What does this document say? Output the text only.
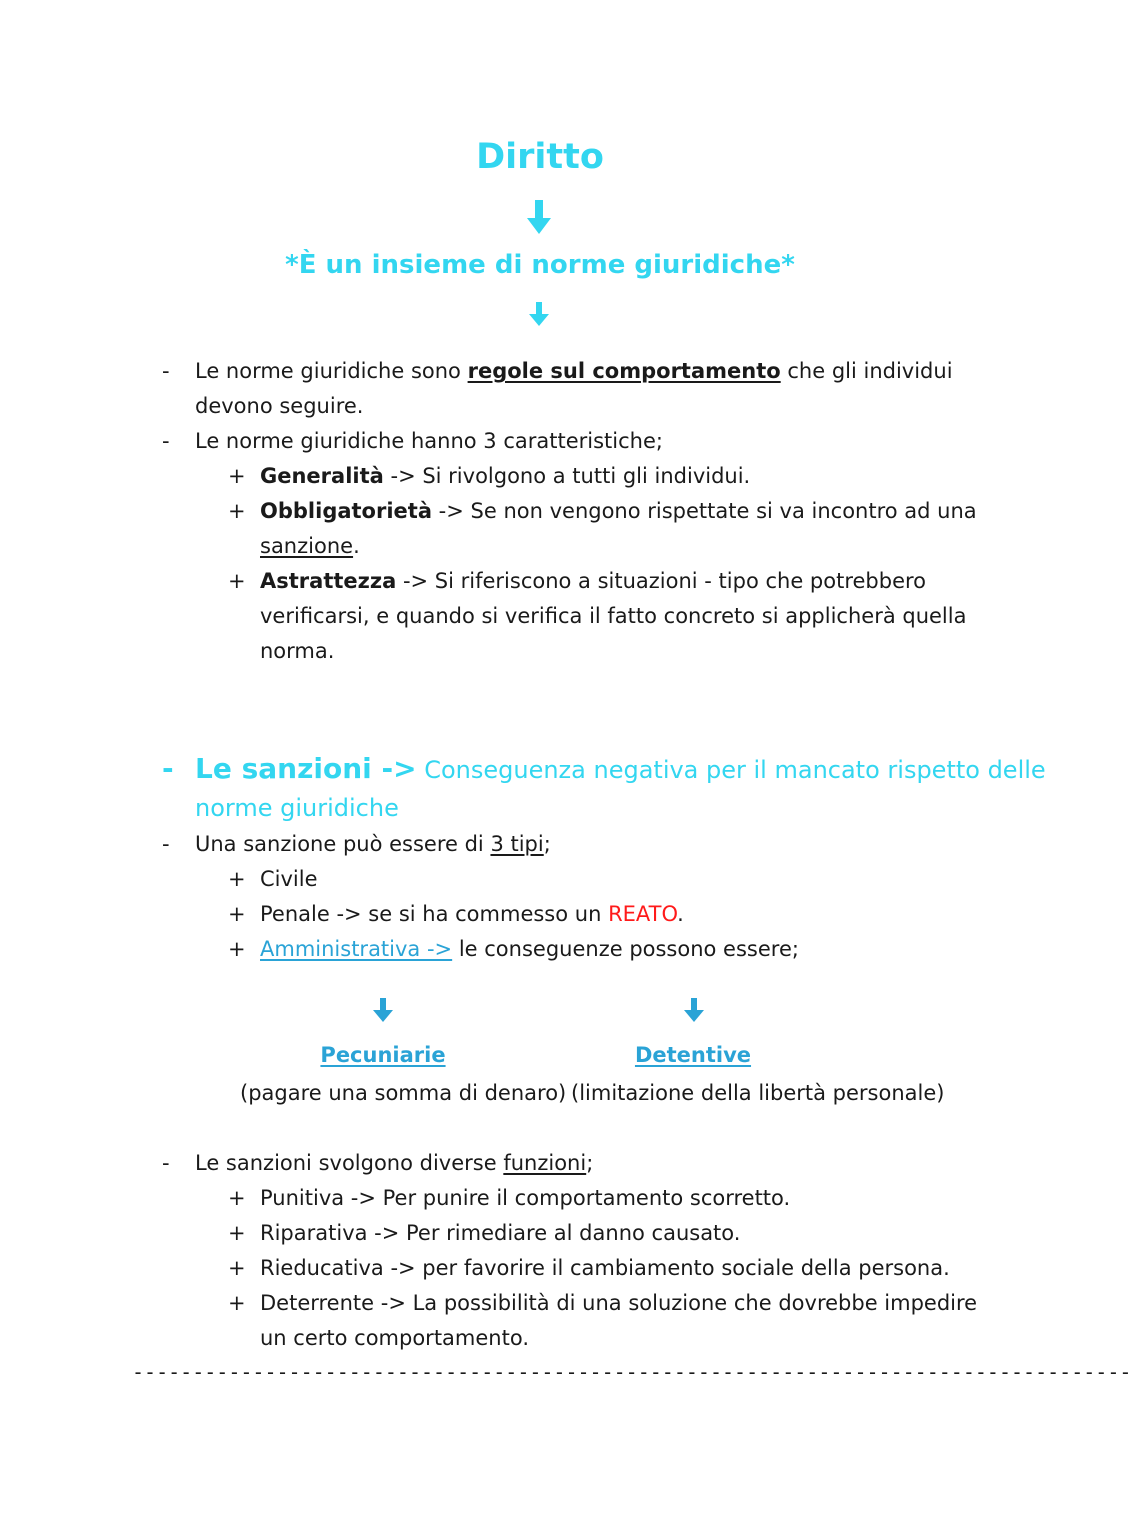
Diritto
*È un insieme di norme giuridiche*
- Le norme giuridiche sono regole sul comportamento che gli individui
devono seguire.
- Le norme giuridiche hanno 3 caratteristiche;
+ Generalità -> Si rivolgono a tutti gli individui.
+ Obbligatorietà -> Se non vengono rispettate si va incontro ad una
sanzione.
+ Astrattezza -> Si riferiscono a situazioni - tipo che potrebbero
verificarsi, e quando si verifica il fatto concreto si applicherà quella
norma.
- Le sanzioni -> Conseguenza negativa per il mancato rispetto delle
norme giuridiche
- Una sanzione può essere di 3 tipi;
+ Civile
+ Penale -> se si ha commesso un REATO.
+ Amministrativa -> le conseguenze possono essere;
Pecuniarie	Detentive
(pagare una somma di denaro) (limitazione della libertà personale)
- Le sanzioni svolgono diverse funzioni;
+ Punitiva -> Per punire il comportamento scorretto.
+ Riparativa -> Per rimediare al danno causato.
+ Rieducativa -> per favorire il cambiamento sociale della persona.
+ Deterrente -> La possibilità di una soluzione che dovrebbe impedire
un certo comportamento.
-----------------------------------------------------------------------------------
